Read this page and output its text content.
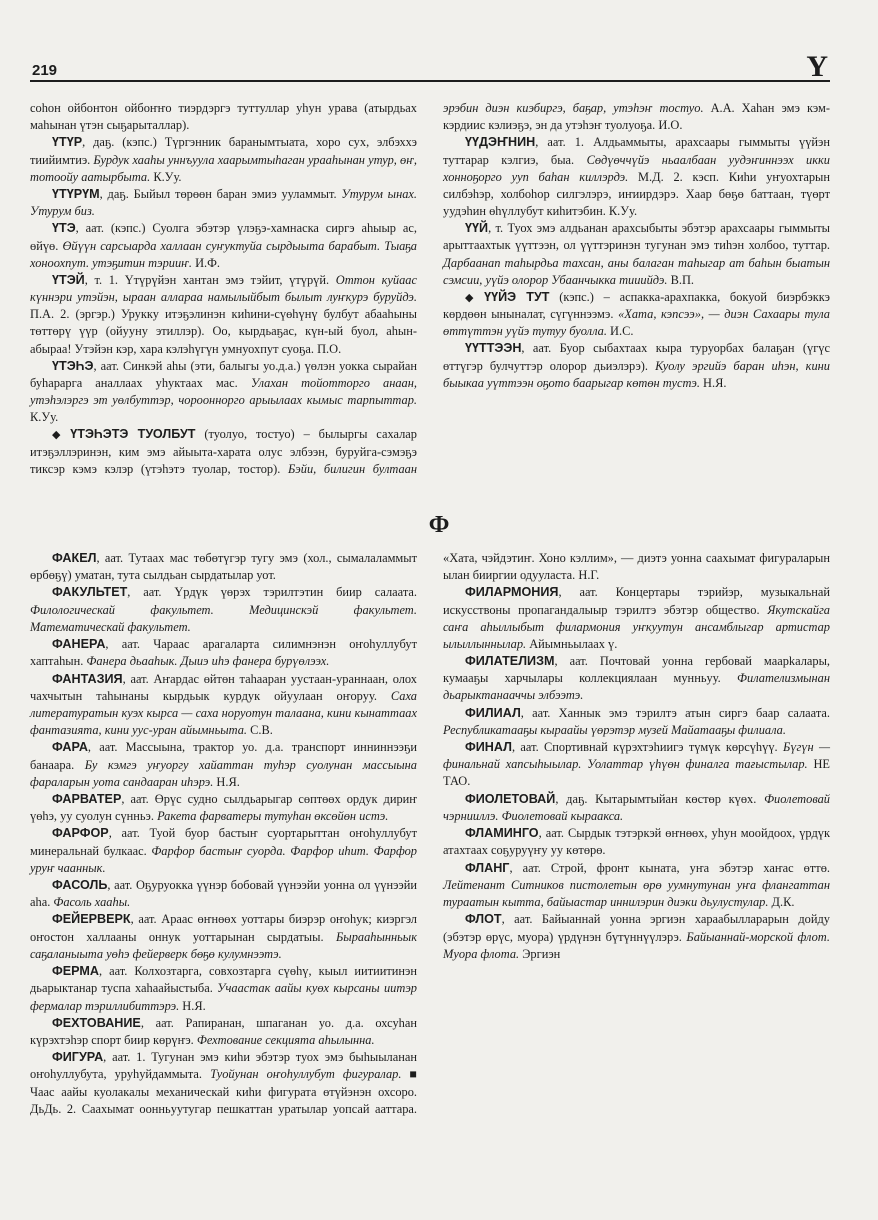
219	Ү

соһон ойбонтон ойбоҥҥо тиэрдэргэ туттуллар уһун урава (атырдьах маһынан үтэн сыҕарыталлар).

ҮТҮР, даҕ. (кэпс.) Түргэнник баранымтыата, хоро сух, элбэххэ тиийимтиэ. Бурдук хааһы уннъуула хаарымтыһаган урааһынан утур, өҥ, тотоойу аатырбыта. К.Уу.

ҮТҮРҮМ, даҕ. Быйыл төрөөн баран эмиэ ууламмыт. Утурум ынах. Утурум биз.

ҮТЭ, аат. (кэпс.) Суолга эбэтэр үлэҕэ-хамнаска сиргэ аһыыр ас, өйүө. Өйүүн сарсыарда халлаан суҥуктуйа сырдыыта барабыт. Тыаҕа хоноохпут. утэҕитин тэрииҥ. И.Ф.

ҮТЭЙ, т. 1. Үтүрүйэн хантан эмэ тэйит, үтүрүй. Оттон куйаас күннэри утэйэн, ыраан аллараа намылыйбыт былыт луҥкурэ буруйдэ. П.А. 2. (эргэр.) Урукку итэҕэлинэн киһини-сүөһүнү булбут абааһыны төттөрү үүр (ойууну этиллэр). Оо, кырдьаҕас, күн-ый буол, аһын-абыраа! Утэйэн кэр, хара кэлэһүгүн умнуохпут суоҕа. П.О.

ҮТЭҺЭ, аат. Синкэй аһы (эти, балыгы уо.д.а.) үөлэн уокка сырайан буһарарга аналлаах уһуктаах мас. Улахан тойотторго анаан, утэһэлэргэ эт уөлбуттэр, чороонноргo арыылаах кымыс тарпыттар. К.Уу.

◆ ҮТЭҺЭТЭ ТУОЛБУТ (туолуо, тостуо) – былыргы сахалар итэҕэллэринэн, ким эмэ айыыта-харата олус элбээн, буруйга-сэмэҕэ тиксэр кэмэ кэлэр (үтэһэтэ туолар, тостор). Бэйи, билигин бултаан эрэбин диэн киэбиргэ, баҕар, утэһэҥ тостуо. А.А. Хаһан эмэ кэм-кэрдиис кэлиэҕэ, эн да утэһэҥ туолуоҕа. И.О.

ҮҮДЭҤНИН, аат. 1. Алдьаммыты, арахсаары гыммыты үүйэн туттарар кэлгиэ, быа. Сөдүөччүйэ ньаалбаан уудэҥиннээх икки хонноҕорго ууп баһан киллэрдэ. М.Д. 2. кэсп. Киһи уҥуохтарын силбэһэр, холбоһор силгэлэрэ, иҥиирдэрэ. Хаар бөҕө баттаан, түөрт уудэһин өһүллубут киһитэбин. К.Уу.

ҮҮЙ, т. Туох эмэ алдьанан арахсыбыты эбэтэр арахсаары гыммыты арыттаахтык үүттээн, ол үүттэринэн тугунан эмэ тиһэн холбоо, туттар. Дарбаанап таһырдьа тахсан, аны балаган таһыгар ат баһын быатын сэмсии, уүйэ олорор Убаанчыкка тииийдэ. В.П.

◆ ҮҮЙЭ ТУТ (кэпс.) – аспакка-арахпакка, бокуой биэрбэккэ көрдөөн ыныналат, сүгүннээмэ. «Хата, кэпсээ», — диэн Сахаары тула өттүттэн уүйэ тутуу буолла. И.С.

ҮҮТТЭЭН, аат. Буор сыбахтаах кыра туруорбах балаҕан (үгүс өттүгэр булчуттэр олорор дьиэлэрэ). Куолу эргийэ баран иһэн, кини быыкаа уүттээн оҕото баарыгар көтөн тустэ. Н.Я.

Ф

ФАКЕЛ, аат. Тутаах мас төбөтүгэр тугу эмэ (хол., сымалаламмыт өрбөҕү) уматан, тута сылдьан сырдатылар уот.

ФАКУЛЬТЕТ, аат. Үрдүк үөрэх тэрилтэтин биир салаата. Филологическай факультет. Медицинскэй факультет. Математическай факультет.

ФАНЕРА, аат. Чараас арагаларта силимнэнэн оҥоһуллубут хаптаһын. Фанера дьааһык. Дыиэ иһэ фанера бурүөлээх.

ФАНТАЗИЯ, аат. Аҥардас өйтөн таһааран уустаан-ураннаан, олох чахчытын таһынаны кырдьык курдук ойуулаан оҥоруу. Саха литературатын куэх кырса — саха норуотун талаана, кини кынаттаах фантазията, кини уус-уран айымньыта. С.В.

ФАРА, аат. Массыына, трактор уо. д.а. транспорт инниннээҕи банаара. Бу кэмгэ уҥуоргу хайаттан туһэр суолунан массыына фараларын уота сандааран иһэрэ. Н.Я.

ФАРВАТЕР, аат. Өрүс судно сылдьарыгар сөптөөх ордук дириҥ үөһэ, уу суолун сүнньэ. Ракета фарватеры тутуһан өксөйөн истэ.

ФАРФОР, аат. Туой буор бастыҥ суортарыттан оҥоһуллубут минеральнай булкаас. Фарфор бастыҥ суорда. Фарфор иһит. Фарфор уруҥ чааннык.

ФАСОЛЬ, аат. Оҕуруокка үүнэр бобовай үүнээйи уонна ол үүнээйи аһа. Фасоль хааһы.

ФЕЙЕРВЕРК, аат. Араас өҥнөөх уоттары биэрэр оҥоһук; киэргэл оҥостон халлааны оннук уоттарынан сырдатыы. Бырааһынньык саҕаланыыта уөһэ фейерверк бөҕө кулумнээтэ.

ФЕРМА, аат. Колхозтарга, совхозтарга сүөһү, кыыл иитиитинэн дьарыктанар туспа хаһаайыстыба. Учаастак аайы куөх кырсаны иитэр фермалар тэриллибиттэрэ. Н.Я.

ФЕХТОВАНИЕ, аат. Рапиранан, шпаганан уо. д.а. охсуһан күрэхтэһэр спорт биир көрүҥэ. Фехтование секцията аһылынна.

ФИГУРА, аат. 1. Тугунан эмэ киһи эбэтэр туох эмэ быһыыланан оҥоһуллубута, уруһуйдаммыта. Туойунан оҥоһуллубут фигуралар. ■ Чаас аайы куолакалы механическай киһи фигурата өтүйэнэн охсоро. ДьДь. 2. Саахымат оонньуутугар пешкаттан уратылар уопсай ааттара. «Хата, чэйдэтиҥ. Хоно кэллим», — диэтэ уонна саахымат фигураларын ылан бииргии одууласта. Н.Г.

ФИЛАРМОНИЯ, аат. Концертары тэрийэр, музыкальнай искусствоны пропагандалыыр тэрилтэ эбэтэр общество. Якутскайга саҥа аһыллыбыт филармония уҥкуутун ансамблыгар артистар ылыллыннылар. Айымньылаах ү.

ФИЛАТЕЛИЗМ, аат. Почтовай уонна гербовай маарkалары, кумааҕы харчылары коллекциялаан мунньуу. Филателизмынан дьарыктанааччы элбээтэ.

ФИЛИАЛ, аат. Ханнык эмэ тэрилтэ атын сиргэ баар салаата. Республикатааҕы кыраайы үөрэтэр музей Майатааҕы филиала.

ФИНАЛ, аат. Спортивнай күрэхтэһиигэ түмүк көрсүһүү. Бүгүн — финальнай хапсыһыылар. Уолаттар үһүөн финалга тағыстылар. НЕ ТАО.

ФИОЛЕТОВАЙ, даҕ. Кытарымтыйан көстөр күөх. Фиолетовай чэрнииллэ. Фиолетовай кыраакса.

ФЛАМИНГО, аат. Сырдык тэтэркэй өҥнөөх, уһун моойдоох, үрдүк атахтаах соҕуруүҥу уу көтөрө.

ФЛАНГ, аат. Строй, фронт кыната, уҥа эбэтэр хаҥас өттө. Лейтенант Ситников пистолетын өрө уумнутунан уҥа флангаттан тураатын кытта, байыастар иннилэрин диэки дьулустулар. Д.К.

ФЛОТ, аат. Байыаннай уонна эргиэн хараабылларарын дойду (эбэтэр өрүс, муора) үрдүнэн бүтүннүүлэрэ. Байыаннай-морской флот. Муора флота. Эргиэн
